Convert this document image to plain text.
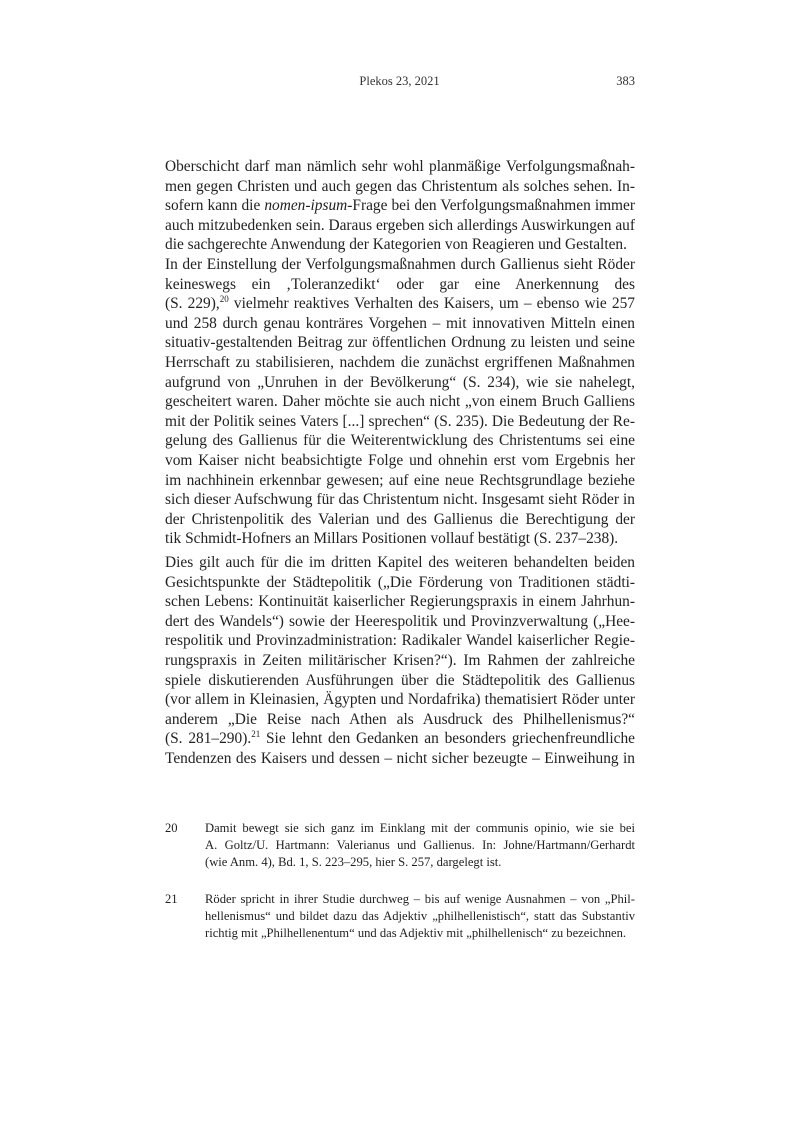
Plekos 23, 2021	383
Oberschicht darf man nämlich sehr wohl planmäßige Verfolgungsmaßnah-
men gegen Christen und auch gegen das Christentum als solches sehen. In-
sofern kann die nomen-ipsum-Frage bei den Verfolgungsmaßnahmen immer
auch mitzubedenken sein. Daraus ergeben sich allerdings Auswirkungen auf
die sachgerechte Anwendung der Kategorien von Reagieren und Gestalten.
In der Einstellung der Verfolgungsmaßnahmen durch Gallienus sieht Röder
keineswegs ein ‚Toleranzedikt‘ oder gar eine Anerkennung des
(S. 229),$^{20}$ vielmehr reaktives Verhalten des Kaisers, um – ebenso wie 257
und 258 durch genau konträres Vorgehen – mit innovativen Mitteln einen
situativ-gestaltenden Beitrag zur öffentlichen Ordnung zu leisten und seine
Herrschaft zu stabilisieren, nachdem die zunächst ergriffenen Maßnahmen
aufgrund von „Unruhen in der Bevölkerung“ (S. 234), wie sie nahelegt,
gescheitert waren. Daher möchte sie auch nicht „von einem Bruch Galliens
mit der Politik seines Vaters [...] sprechen“ (S. 235). Die Bedeutung der Re-
gelung des Gallienus für die Weiterentwicklung des Christentums sei eine
vom Kaiser nicht beabsichtigte Folge und ohnehin erst vom Ergebnis her
im nachhinein erkennbar gewesen; auf eine neue Rechtsgrundlage beziehe
sich dieser Aufschwung für das Christentum nicht. Insgesamt sieht Röder in
der Christenpolitik des Valerian und des Gallienus die Berechtigung der
tik Schmidt-Hofners an Millars Positionen vollauf bestätigt (S. 237–238).
Dies gilt auch für die im dritten Kapitel des weiteren behandelten beiden
Gesichtspunkte der Städtepolitik („Die Förderung von Traditionen städti-
schen Lebens: Kontinuität kaiserlicher Regierungspraxis in einem Jahrhun-
dert des Wandels“) sowie der Heerespolitik und Provinzverwaltung („Hee-
respolitik und Provinzadministration: Radikaler Wandel kaiserlicher Regie-
rungspraxis in Zeiten militärischer Krisen?“). Im Rahmen der zahlreiche
spiele diskutierenden Ausführungen über die Städtepolitik des Gallienus
(vor allem in Kleinasien, Ägypten und Nordafrika) thematisiert Röder unter
anderem „Die Reise nach Athen als Ausdruck des Philhellenismus?“
(S. 281–290).$^{21}$ Sie lehnt den Gedanken an besonders griechenfreundliche
Tendenzen des Kaisers und dessen – nicht sicher bezeugte – Einweihung in
20 Damit bewegt sie sich ganz im Einklang mit der communis opinio, wie sie bei
A. Goltz/U. Hartmann: Valerianus und Gallienus. In: Johne/Hartmann/Gerhardt
(wie Anm. 4), Bd. 1, S. 223–295, hier S. 257, dargelegt ist.
21 Röder spricht in ihrer Studie durchweg – bis auf wenige Ausnahmen – von „Phil-
hellenismus“ und bildet dazu das Adjektiv „philhellenistisch“, statt das Substantiv
richtig mit „Philhellenentum“ und das Adjektiv mit „philhellenisch“ zu bezeichnen.
